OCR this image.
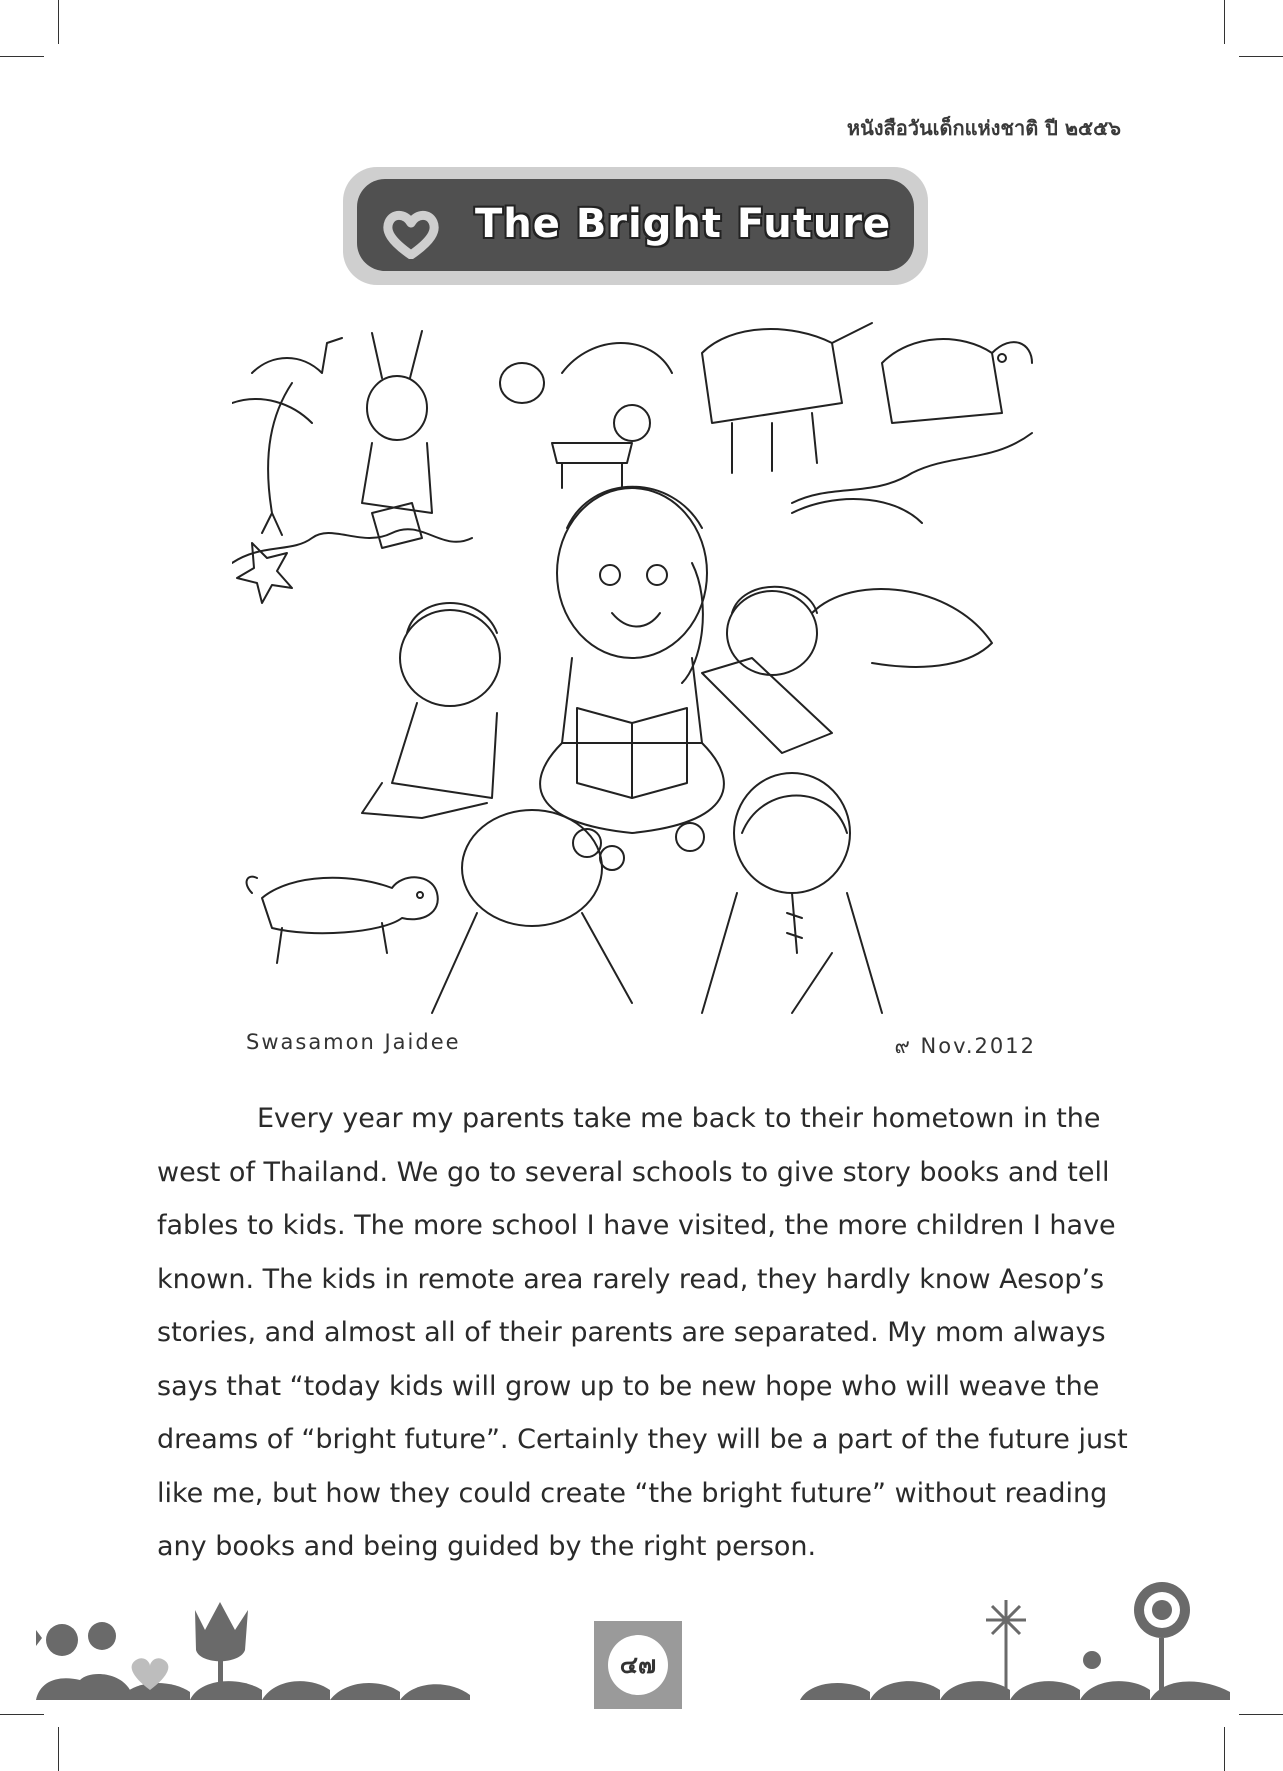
หนังสือวันเด็กแห่งชาติ ปี ๒๕๕๖
The Bright Future
Swasamon Jaidee	๙ Nov.2012

Every year my parents take me back to their hometown in the
west of Thailand. We go to several schools to give story books and tell
fables to kids. The more school I have visited, the more children I have
known. The kids in remote area rarely read, they hardly know Aesop’s
stories, and almost all of their parents are separated. My mom always
says that “today kids will grow up to be new hope who will weave the
dreams of “bright future”. Certainly they will be a part of the future just
like me, but how they could create “the bright future” without reading
any books and being guided by the right person.

๔๗
